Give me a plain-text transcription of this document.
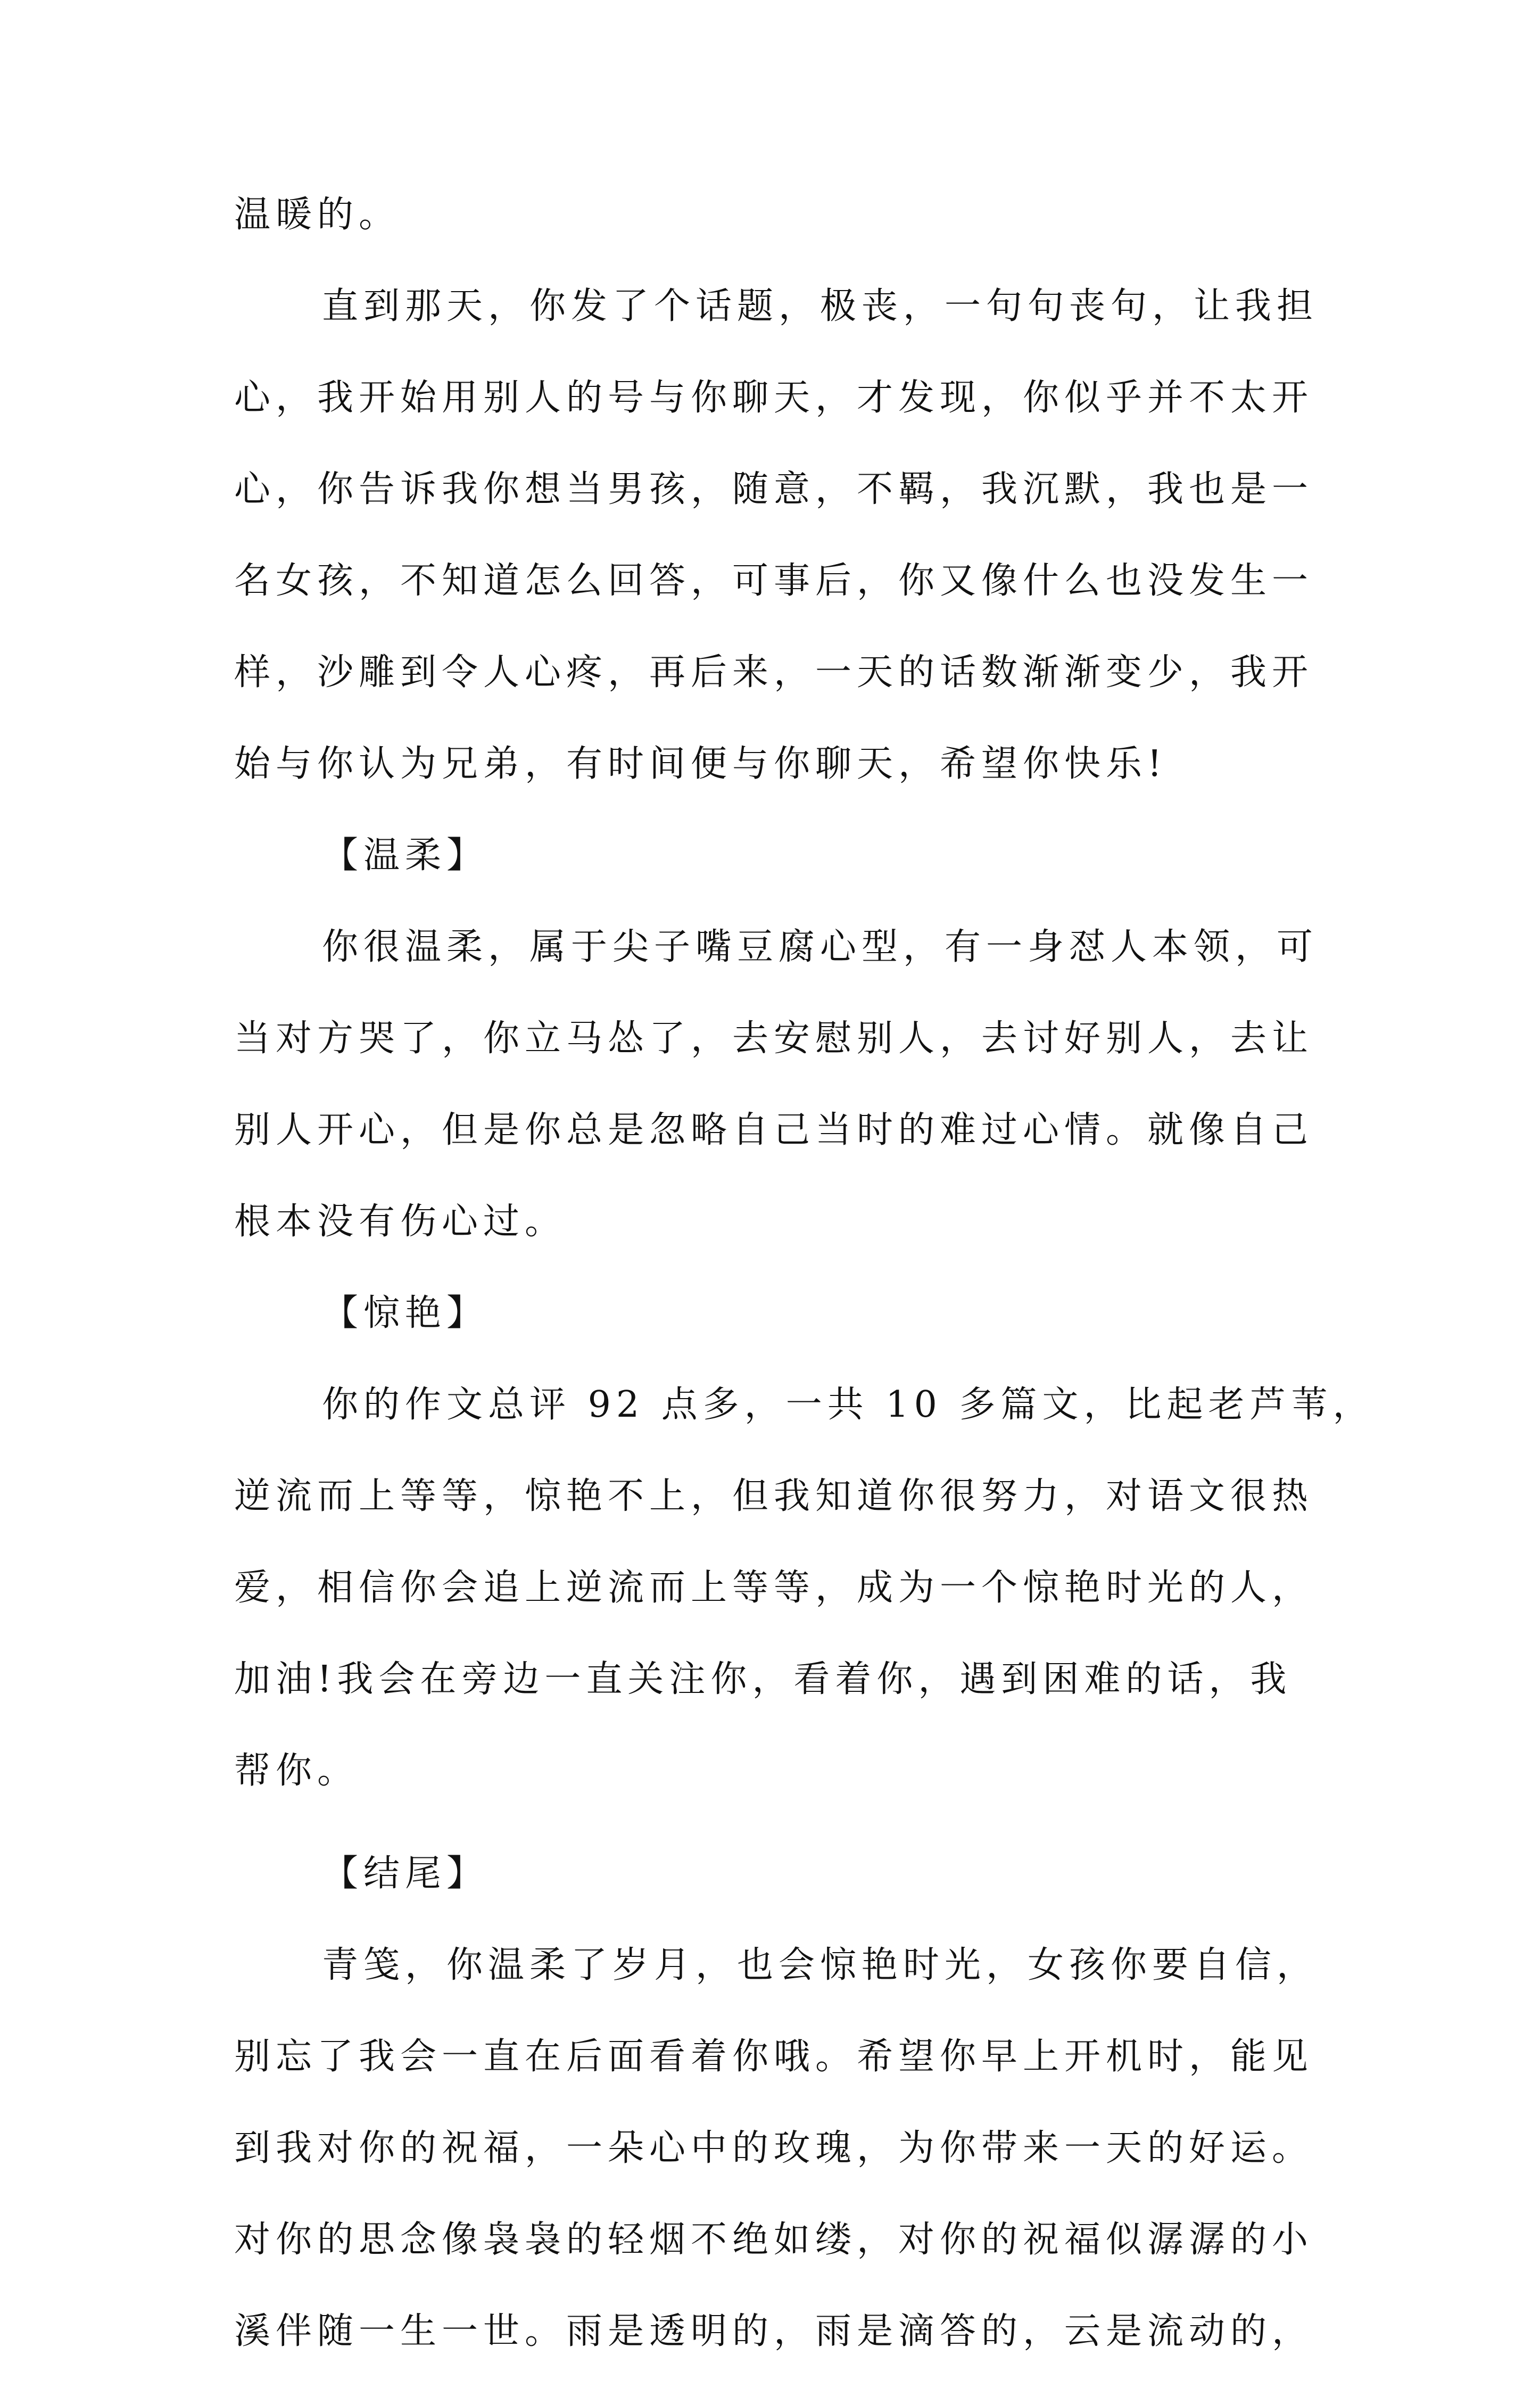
温暖的。
直到那天，你发了个话题，极丧，一句句丧句，让我担
心，我开始用别人的号与你聊天，才发现，你似乎并不太开
心，你告诉我你想当男孩，随意，不羁，我沉默，我也是一
名女孩，不知道怎么回答，可事后，你又像什么也没发生一
样，沙雕到令人心疼，再后来，一天的话数渐渐变少，我开
始与你认为兄弟，有时间便与你聊天，希望你快乐!
【温柔】
你很温柔，属于尖子嘴豆腐心型，有一身怼人本领，可
当对方哭了，你立马怂了，去安慰别人，去讨好别人，去让
别人开心，但是你总是忽略自己当时的难过心情。就像自己
根本没有伤心过。
【惊艳】
你的作文总评 92 点多，一共 10 多篇文，比起老芦苇，
逆流而上等等，惊艳不上，但我知道你很努力，对语文很热
爱，相信你会追上逆流而上等等，成为一个惊艳时光的人，
加油!我会在旁边一直关注你，看着你，遇到困难的话，我
帮你。
【结尾】
青笺，你温柔了岁月，也会惊艳时光，女孩你要自信，
别忘了我会一直在后面看着你哦。希望你早上开机时，能见
到我对你的祝福，一朵心中的玫瑰，为你带来一天的好运。
对你的思念像袅袅的轻烟不绝如缕，对你的祝福似潺潺的小
溪伴随一生一世。雨是透明的，雨是滴答的，云是流动的，
